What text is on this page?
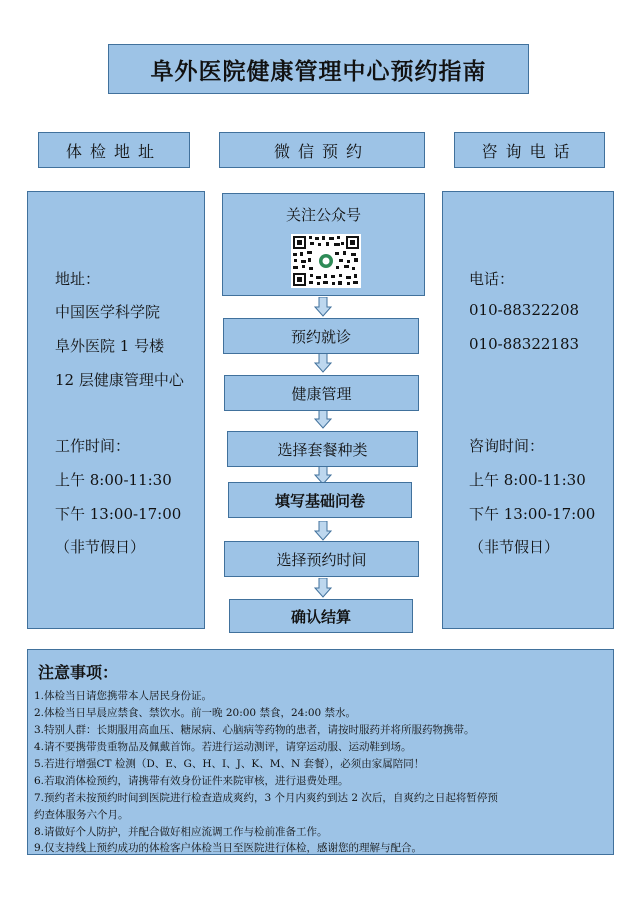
阜外医院健康管理中心预约指南
体检地址	微信预约	咨询电话
地址：
中国医学科学院
阜外医院 1 号楼
12 层健康管理中心
工作时间：
上午 8:00-11:30
下午 13:00-17:00
（非节假日）
电话：
010-88322208
010-88322183
咨询时间：
上午 8:00-11:30
下午 13:00-17:00
（非节假日）
关注公众号
预约就诊
健康管理
选择套餐种类
填写基础问卷
选择预约时间
确认结算
注意事项：
1.体检当日请您携带本人居民身份证。
2.体检当日早晨应禁食、禁饮水。前一晚 20:00 禁食，24:00 禁水。
3.特别人群：长期服用高血压、糖尿病、心脑病等药物的患者，请按时服药并将所服药物携带。
4.请不要携带贵重物品及佩戴首饰。若进行运动测评，请穿运动服、运动鞋到场。
5.若进行增强CT 检测（D、E、G、H、I、J、K、M、N 套餐），必须由家属陪同！
6.若取消体检预约，请携带有效身份证件来院审核，进行退费处理。
7.预约者未按预约时间到医院进行检查造成爽约，3 个月内爽约到达 2 次后，自爽约之日起将暂停预
约查体服务六个月。
8.请做好个人防护，并配合做好相应流调工作与检前准备工作。
9.仅支持线上预约成功的体检客户体检当日至医院进行体检，感谢您的理解与配合。
